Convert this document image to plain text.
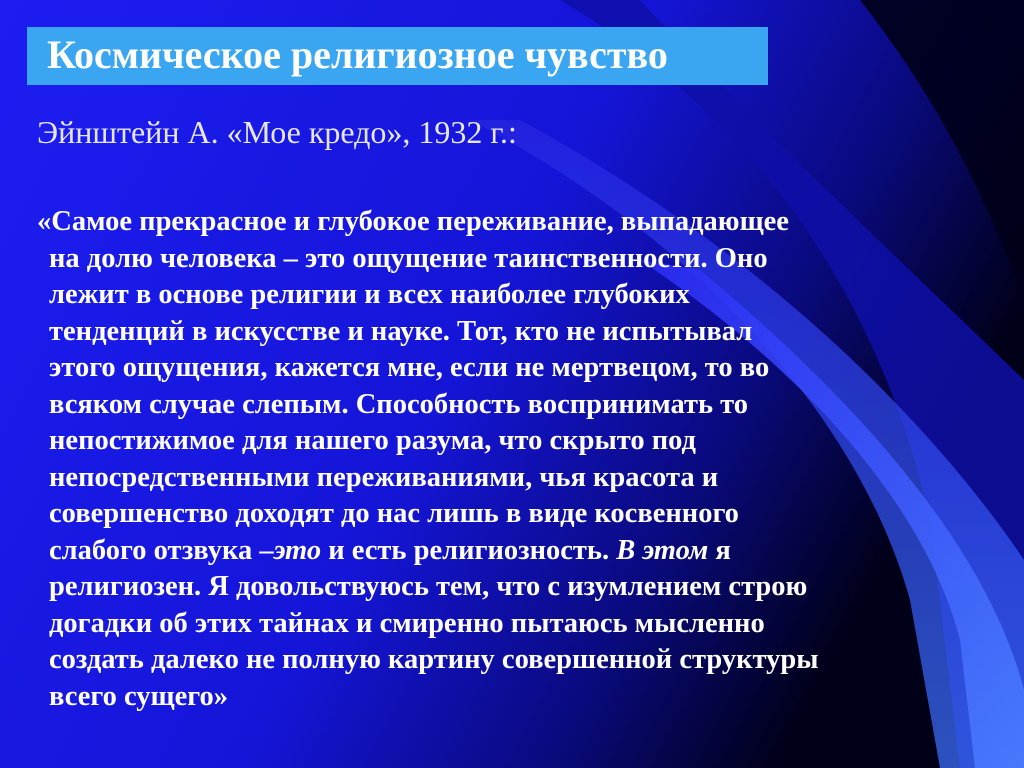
Космическое религиозное чувство
Эйнштейн А. «Мое кредо», 1932 г.:

«Самое прекрасное и глубокое переживание, выпадающее
на долю человека – это ощущение таинственности. Оно
лежит в основе религии и всех наиболее глубоких
тенденций в искусстве и науке. Тот, кто не испытывал
этого ощущения, кажется мне, если не мертвецом, то во
всяком случае слепым. Способность воспринимать то
непостижимое для нашего разума, что скрыто под
непосредственными переживаниями, чья красота и
совершенство доходят до нас лишь в виде косвенного
слабого отзвука –это и есть религиозность. В этом я
религиозен. Я довольствуюсь тем, что с изумлением строю
догадки об этих тайнах и смиренно пытаюсь мысленно
создать далеко не полную картину совершенной структуры
всего сущего»
